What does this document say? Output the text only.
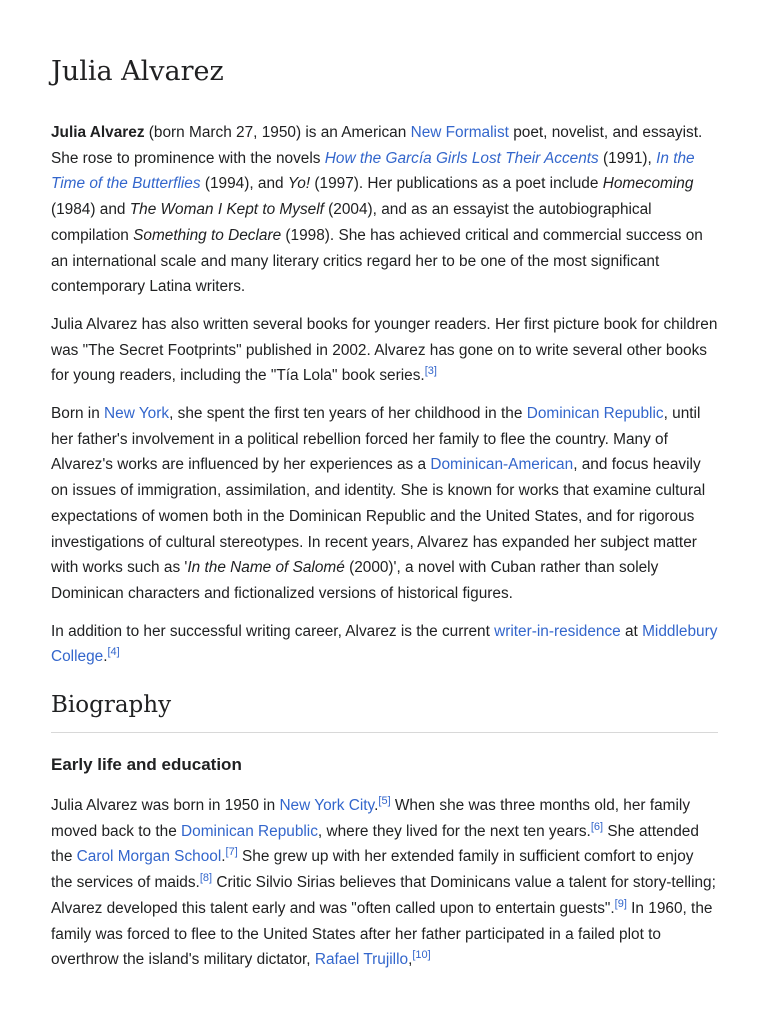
Julia Alvarez

Julia Alvarez (born March 27, 1950) is an American New Formalist poet, novelist, and essayist. She rose to prominence with the novels How the García Girls Lost Their Accents (1991), In the Time of the Butterflies (1994), and Yo! (1997). Her publications as a poet include Homecoming (1984) and The Woman I Kept to Myself (2004), and as an essayist the autobiographical compilation Something to Declare (1998). She has achieved critical and commercial success on an international scale and many literary critics regard her to be one of the most significant contemporary Latina writers.

Julia Alvarez has also written several books for younger readers. Her first picture book for children was "The Secret Footprints" published in 2002. Alvarez has gone on to write several other books for young readers, including the "Tía Lola" book series.[3]

Born in New York, she spent the first ten years of her childhood in the Dominican Republic, until her father's involvement in a political rebellion forced her family to flee the country. Many of Alvarez's works are influenced by her experiences as a Dominican-American, and focus heavily on issues of immigration, assimilation, and identity. She is known for works that examine cultural expectations of women both in the Dominican Republic and the United States, and for rigorous investigations of cultural stereotypes. In recent years, Alvarez has expanded her subject matter with works such as 'In the Name of Salomé (2000)', a novel with Cuban rather than solely Dominican characters and fictionalized versions of historical figures.

In addition to her successful writing career, Alvarez is the current writer-in-residence at Middlebury College.[4]

Biography
Early life and education

Julia Alvarez was born in 1950 in New York City.[5] When she was three months old, her family moved back to the Dominican Republic, where they lived for the next ten years.[6] She attended the Carol Morgan School.[7] She grew up with her extended family in sufficient comfort to enjoy the services of maids.[8] Critic Silvio Sirias believes that Dominicans value a talent for story-telling; Alvarez developed this talent early and was "often called upon to entertain guests".[9] In 1960, the family was forced to flee to the United States after her father participated in a failed plot to overthrow the island's military dictator, Rafael Trujillo,[10]
